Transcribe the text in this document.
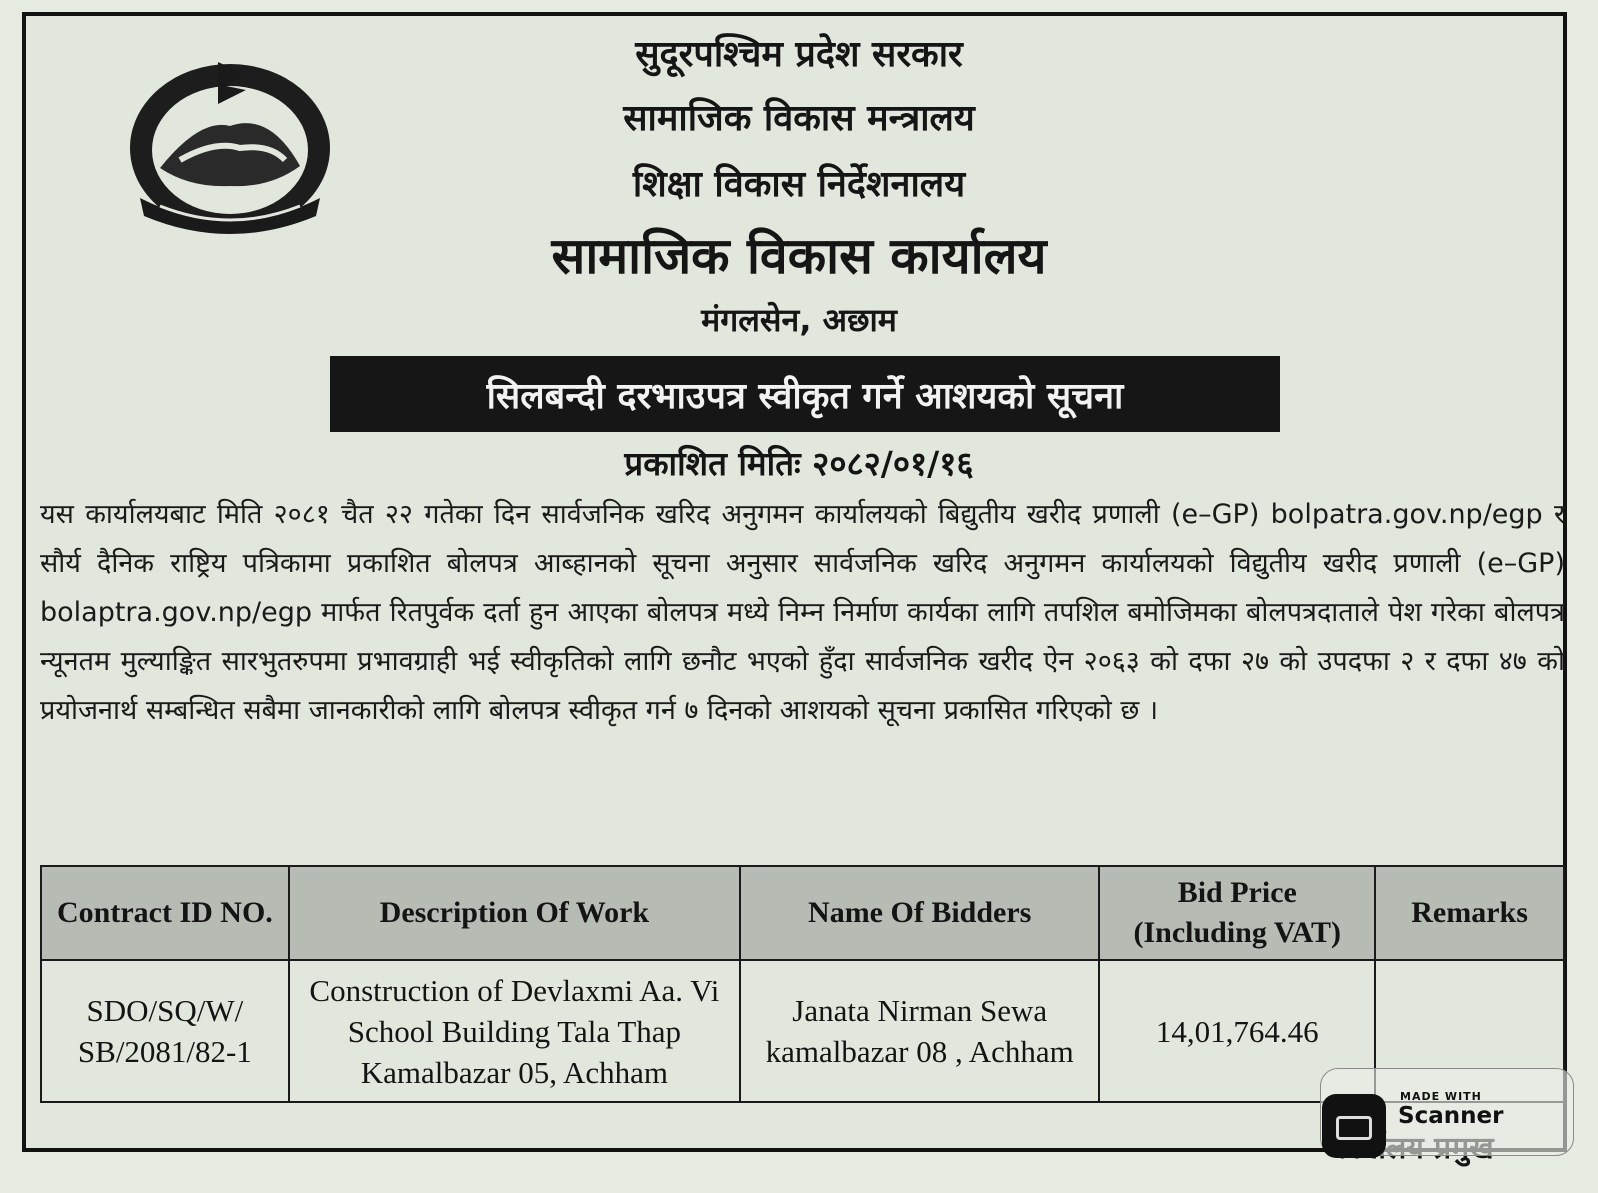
सुदूरपश्चिम प्रदेश सरकार
सामाजिक विकास मन्त्रालय
शिक्षा विकास निर्देशनालय
सामाजिक विकास कार्यालय
मंगलसेन, अछाम
सिलबन्दी दरभाउपत्र स्वीकृत गर्ने आशयको सूचना
प्रकाशित मितिः २०८२/०१/१६
यस कार्यालयबाट मिति २०८१ चैत २२ गतेका दिन सार्वजनिक खरिद अनुगमन कार्यालयको बिद्युतीय खरीद प्रणाली (e–GP) bolpatra.gov.np/egp र सौर्य दैनिक राष्ट्रिय पत्रिकामा प्रकाशित बोलपत्र आब्हानको सूचना अनुसार सार्वजनिक खरिद अनुगमन कार्यालयको विद्युतीय खरीद प्रणाली (e–GP) bolaptra.gov.np/egp मार्फत रितपुर्वक दर्ता हुन आएका बोलपत्र मध्ये निम्न निर्माण कार्यका लागि तपशिल बमोजिमका बोलपत्रदाताले पेश गरेका बोलपत्र न्यूनतम मुल्याङ्कित सारभुतरुपमा प्रभावग्राही भई स्वीकृतिको लागि छनौट भएको हुँदा सार्वजनिक खरीद ऐन २०६३ को दफा २७ को उपदफा २ र दफा ४७ को प्रयोजनार्थ सम्बन्धित सबैमा जानकारीको लागि बोलपत्र स्वीकृत गर्न ७ दिनको आशयको सूचना प्रकासित गरिएको छ ।
Contract ID NO.	Description Of Work	Name Of Bidders	Bid Price (Including VAT)	Remarks
SDO/SQ/W/ SB/2081/82-1	Construction of Devlaxmi Aa. Vi School Building Tala Thap Kamalbazar 05, Achham	Janata Nirman Sewa kamalbazar 08 , Achham	14,01,764.46	
MADE WITH
Scanner
